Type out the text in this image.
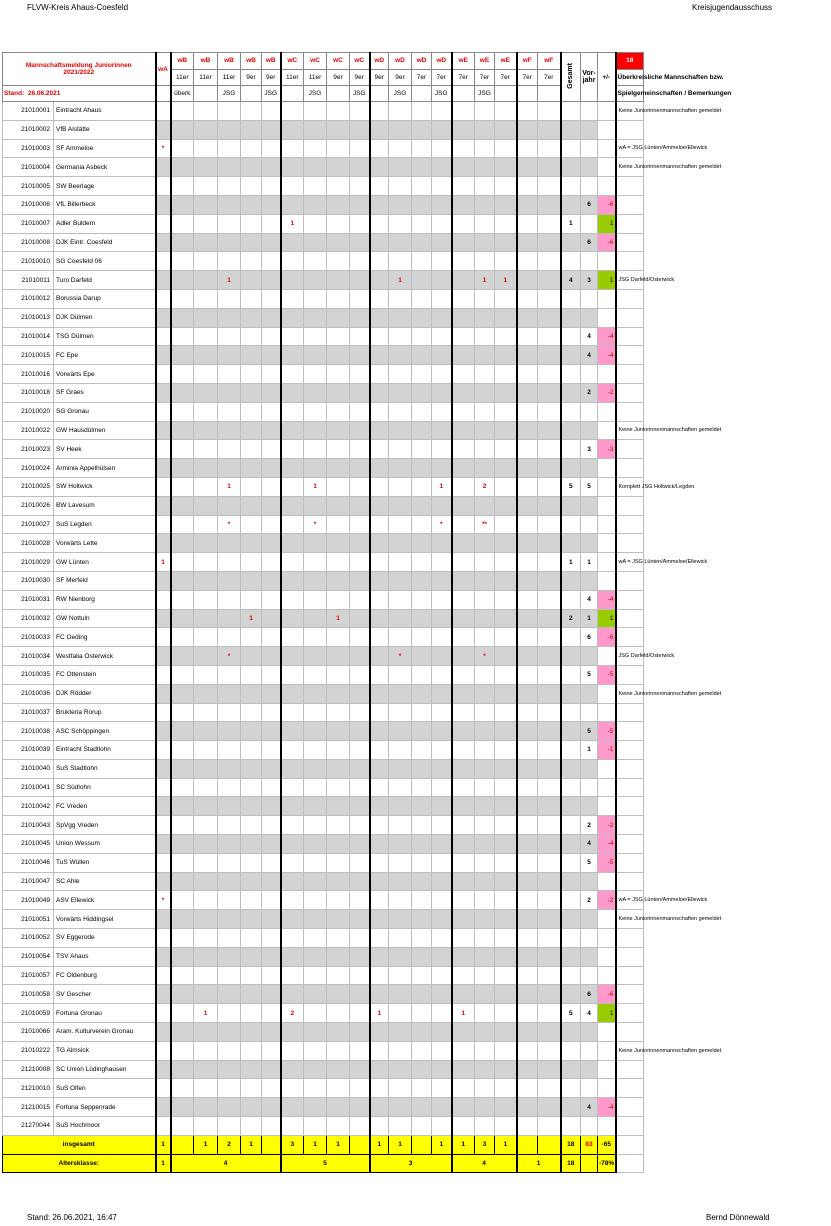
FLVW-Kreis Ahaus-Coesfeld	Kreisjugendausschuss
Mannschaftsmeldung Juniorinnen
2021/2022		wA	wB	wB	wB	wB	wB	wC	wC	wC	wC	wD	wD	wD	wD	wE	wE	wE	wF	wF	Gesamt	Vor-jahr	+/-	18
			11er	11er	11er	9er	9er	11er	11er	9er	9er	9er	9er	7er	7er	7er	7er	7er	7er	7er				Überkreisliche Mannschaften bzw.
Stand: 26.06.2021			überk		JSG		JSG		JSG		JSG		JSG		JSG		JSG							Spielgemeinschaften / Bemerkungen
21010001	Eintracht Ahaus																							Keine Juniorinnenmannschaften gemeldet
21010002	VfB Alstätte																							
21010003	SF Ammeloe	*																						wA = JSG Lünten/Ammeloe/Ellewick
21010004	Germania Asbeck																							Keine Juniorinnenmannschaften gemeldet
21010005	SW Beerlage																							
21010006	VfL Billerbeck																					6	-6	
21010007	Adler Buldern							1													1		1	
21010008	DJK Eintr. Coesfeld																					6	-6	
21010010	SG Coesfeld 06																							
21010011	Turo Darfeld				1								1				1	1			4	3	1	JSG Darfeld/Osterwick
21010012	Borussia Darup																							
21010013	DJK Dülmen																							
21010014	TSG Dülmen																					4	-4	
21010015	FC Epe																					4	-4	
21010016	Vorwärts Epe																							
21010018	SF Graes																					2	-2	
21010020	SG Gronau																							
21010022	GW Hausdülmen																							Keine Juniorinnenmannschaften gemeldet
21010023	SV Heek																					3	-3	
21010024	Arminia Appelhülsen																							
21010025	SW Holtwick				1				1						1		2				5	5		Komplett JSG Holtwick/Legden
21010026	BW Lavesum																							
21010027	SuS Legden				*				*						*		**							
21010028	Vorwärts Lette																							
21010029	GW Lünten	1																			1	1		wA = JSG Lünten/Ammeloe/Ellewick
21010030	SF Merfeld																							
21010031	RW Nienborg																					4	-4	
21010032	GW Nottuln					1				1											2	1	1	
21010033	FC Oeding																					6	-6	
21010034	Westfalia Osterwick				*								*				*							JSG Darfeld/Osterwick
21010035	FC Ottenstein																					5	-5	
21010036	DJK Rödder																							Keine Juniorinnenmannschaften gemeldet
21010037	Brukteria Rorup																							
21010038	ASC Schöppingen																					5	-5	
21010039	Eintracht Stadtlohn																					1	-1	
21010040	SuS Stadtlohn																							
21010041	SC Südlohn																							
21010042	FC Vreden																							
21010043	SpVgg Vreden																					2	-2	
21010045	Union Wessum																					4	-4	
21010046	TuS Wüllen																					5	-5	
21010047	SC Ahle																							
21010049	ASV Ellewick	*																				2	-2	wA = JSG Lünten/Ammeloe/Ellewick
21010051	Vorwärts Hiddingsel																							Keine Juniorinnenmannschaften gemeldet
21010052	SV Eggerode																							
21010054	TSV Ahaus																							
21010057	FC Oldenburg																							
21010058	SV Gescher																					6	-6	
21010059	Fortuna Gronau			1				2				1				1					5	4	1	
21010066	Aram. Kulturverein Gronau																							
21010222	TG Almsick																							Keine Juniorinnenmannschaften gemeldet
21210008	SC Union Lüdinghausen																							
21210010	SuS Olfen																							
21210015	Fortuna Seppenrade																					4	-4	
21270044	SuS Hochmoor																							
insgesamt		1		1	2	1		3	1	1		1	1		1	1	3	1			18	83	-65	
Altersklasse:		1	4					5				3				4			1		18		-78%	
Stand: 26.06.2021, 16:47	Bernd Dönnewald
